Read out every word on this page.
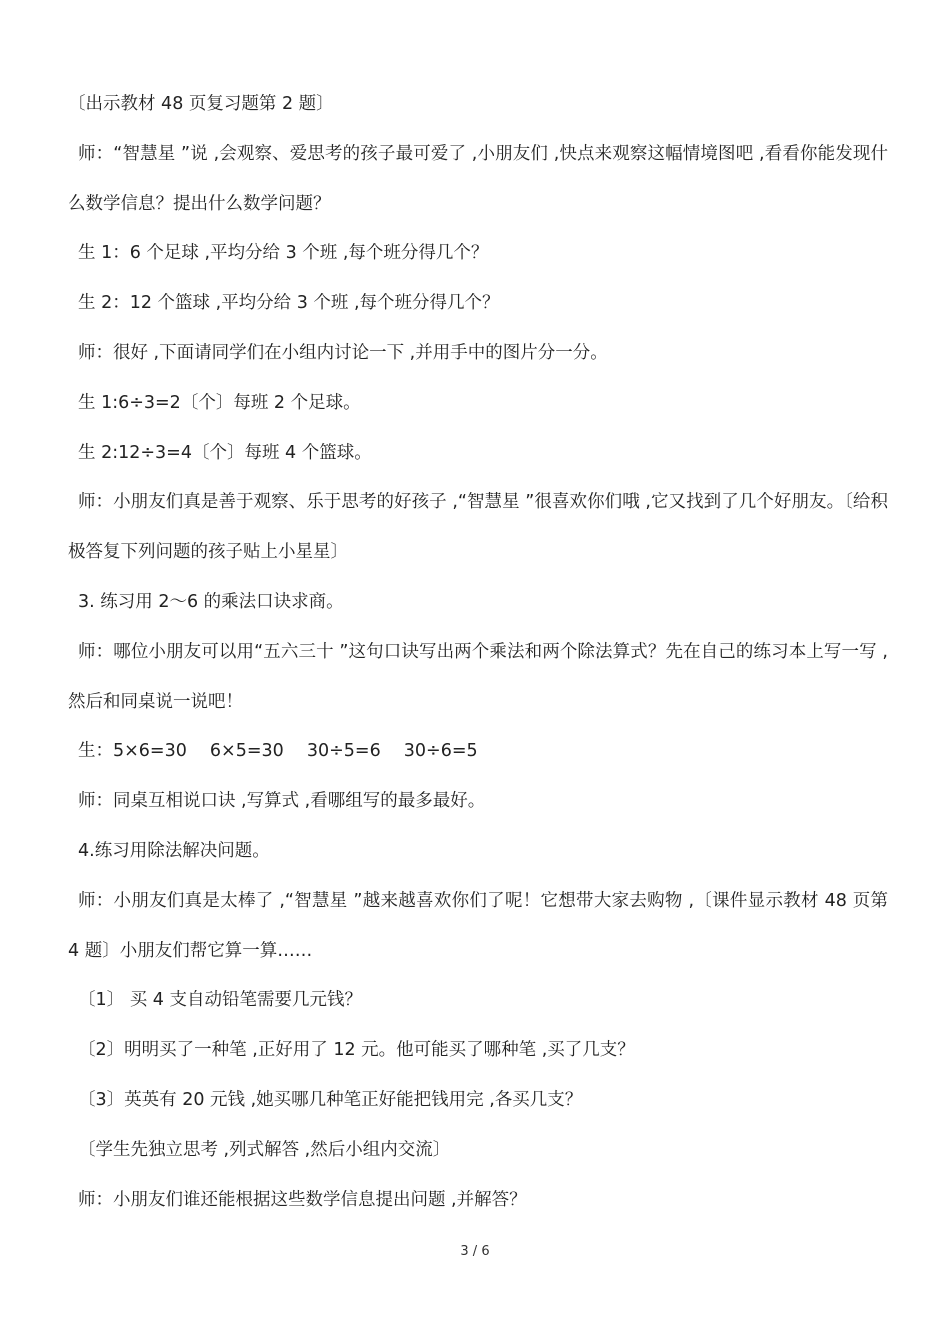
〔出示教材 48 页复习题第 2 题〕

师：“智慧星 ”说 ,会观察、爱思考的孩子最可爱了 ,小朋友们 ,快点来观察这幅情境图吧 ,看看你能发现什么数学信息？提出什么数学问题？

生 1：6 个足球 ,平均分给 3 个班 ,每个班分得几个？

生 2：12 个篮球 ,平均分给 3 个班 ,每个班分得几个？

师：很好 ,下面请同学们在小组内讨论一下 ,并用手中的图片分一分。

生 1:6÷3=2〔个〕每班 2 个足球。

生 2:12÷3=4〔个〕每班 4 个篮球。

师：小朋友们真是善于观察、乐于思考的好孩子 ,“智慧星 ”很喜欢你们哦 ,它又找到了几个好朋友。〔给积极答复下列问题的孩子贴上小星星〕

3. 练习用 2～6 的乘法口诀求商。

师：哪位小朋友可以用“五六三十 ”这句口诀写出两个乘法和两个除法算式？先在自己的练习本上写一写 ,然后和同桌说一说吧！

生：5×6=30　 6×5=30　 30÷5=6　 30÷6=5

师：同桌互相说口诀 ,写算式 ,看哪组写的最多最好。

4.练习用除法解决问题。

师：小朋友们真是太棒了 ,“智慧星 ”越来越喜欢你们了呢！它想带大家去购物 ,〔课件显示教材 48 页第 4 题〕小朋友们帮它算一算……

〔1〕 买 4 支自动铅笔需要几元钱？

〔2〕明明买了一种笔 ,正好用了 12 元。他可能买了哪种笔 ,买了几支？

〔3〕英英有 20 元钱 ,她买哪几种笔正好能把钱用完 ,各买几支？

〔学生先独立思考 ,列式解答 ,然后小组内交流〕

师：小朋友们谁还能根据这些数学信息提出问题 ,并解答？

3 / 6
